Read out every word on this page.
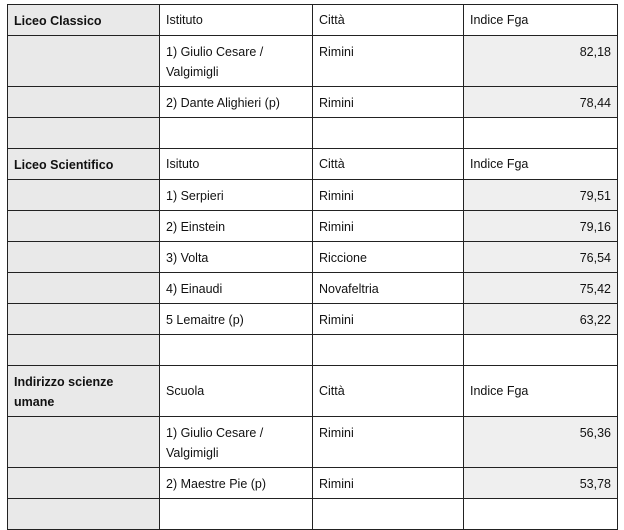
Liceo Classico	Istituto	Città	Indice Fga
	1) Giulio Cesare / Valgimigli	Rimini	82,18
	2) Dante Alighieri (p)	Rimini	78,44

Liceo Scientifico	Isituto	Città	Indice Fga
	1) Serpieri	Rimini	79,51
	2) Einstein	Rimini	79,16
	3) Volta	Riccione	76,54
	4) Einaudi	Novafeltria	75,42
	5 Lemaitre (p)	Rimini	63,22

Indirizzo scienze umane	Scuola	Città	Indice Fga
	1) Giulio Cesare / Valgimigli	Rimini	56,36
	2) Maestre Pie (p)	Rimini	53,78
